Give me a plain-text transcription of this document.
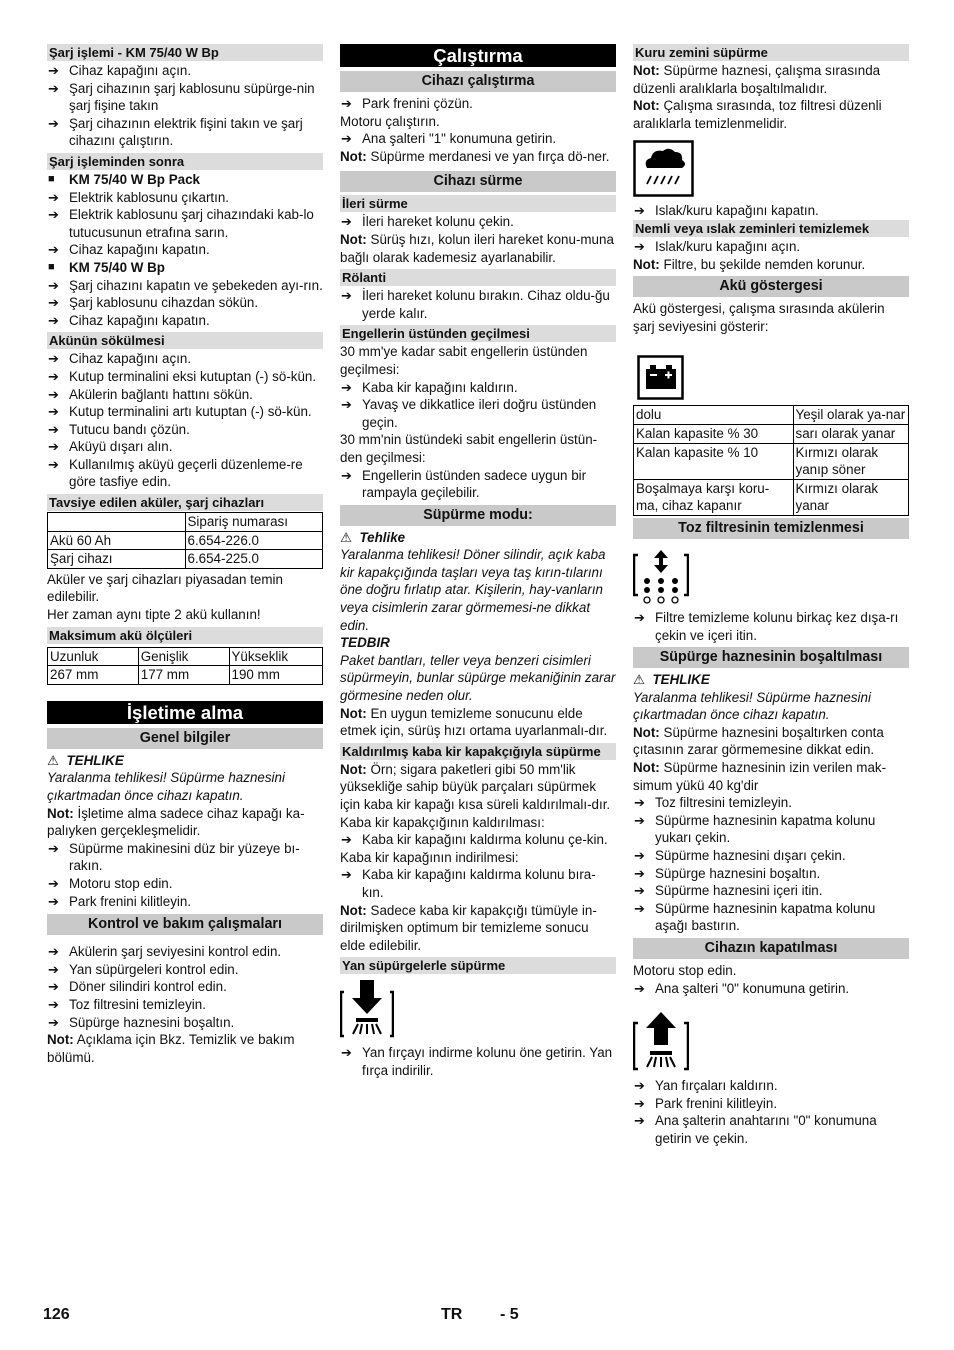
Şarj işlemi - KM 75/40 W Bp
➔ Cihaz kapağını açın.
➔ Şarj cihazının şarj kablosunu süpürge-nin şarj fişine takın
➔ Şarj cihazının elektrik fişini takın ve şarj cihazını çalıştırın.
Şarj işleminden sonra
■ KM 75/40 W Bp Pack
➔ Elektrik kablosunu çıkartın.
➔ Elektrik kablosunu şarj cihazındaki kab-lo tutucusunun etrafına sarın.
➔ Cihaz kapağını kapatın.
■ KM 75/40 W Bp
➔ Şarj cihazını kapatın ve şebekeden ayı-rın.
➔ Şarj kablosunu cihazdan sökün.
➔ Cihaz kapağını kapatın.
Akünün sökülmesi
➔ Cihaz kapağını açın.
➔ Kutup terminalini eksi kutuptan (-) sö-kün.
➔ Akülerin bağlantı hattını sökün.
➔ Kutup terminalini artı kutuptan (-) sö-kün.
➔ Tutucu bandı çözün.
➔ Aküyü dışarı alın.
➔ Kullanılmış aküyü geçerli düzenleme-re göre tasfiye edin.
Tavsiye edilen aküler, şarj cihazları
	Sipariş numarası
Akü 60 Ah	6.654-226.0
Şarj cihazı	6.654-225.0
Aküler ve şarj cihazları piyasadan temin edilebilir.
Her zaman aynı tipte 2 akü kullanın!
Maksimum akü ölçüleri
Uzunluk	Genişlik	Yükseklik
267 mm	177 mm	190 mm
İşletime alma
Genel bilgiler
⚠ TEHLIKE
Yaralanma tehlikesi! Süpürme haznesini çıkartmadan önce cihazı kapatın.
Not: İşletime alma sadece cihaz kapağı ka-palıyken gerçekleşmelidir.
➔ Süpürme makinesini düz bir yüzeye bı-rakın.
➔ Motoru stop edin.
➔ Park frenini kilitleyin.
Kontrol ve bakım çalışmaları
➔ Akülerin şarj seviyesini kontrol edin.
➔ Yan süpürgeleri kontrol edin.
➔ Döner silindiri kontrol edin.
➔ Toz filtresini temizleyin.
➔ Süpürge haznesini boşaltın.
Not: Açıklama için Bkz. Temizlik ve bakım bölümü.
Çalıştırma
Cihazı çalıştırma
➔ Park frenini çözün.
Motoru çalıştırın.
➔ Ana şalteri "1" konumuna getirin.
Not: Süpürme merdanesi ve yan fırça dö-ner.
Cihazı sürme
İleri sürme
➔ İleri hareket kolunu çekin.
Not: Sürüş hızı, kolun ileri hareket konu-muna bağlı olarak kademesiz ayarlanabilir.
Rölanti
➔ İleri hareket kolunu bırakın. Cihaz oldu-ğu yerde kalır.
Engellerin üstünden geçilmesi
30 mm'ye kadar sabit engellerin üstünden geçilmesi:
➔ Kaba kir kapağını kaldırın.
➔ Yavaş ve dikkatlice ileri doğru üstünden geçin.
30 mm'nin üstündeki sabit engellerin üstün-den geçilmesi:
➔ Engellerin üstünden sadece uygun bir rampayla geçilebilir.
Süpürme modu:
⚠ Tehlike
Yaralanma tehlikesi! Döner silindir, açık kaba kir kapakçığında taşları veya taş kırın-tılarını öne doğru fırlatıp atar. Kişilerin, hay-vanların veya cisimlerin zarar görmemesi-ne dikkat edin.
TEDBIR
Paket bantları, teller veya benzeri cisimleri süpürmeyin, bunlar süpürge mekaniğinin zarar görmesine neden olur.
Not: En uygun temizleme sonucunu elde etmek için, sürüş hızı ortama uyarlanmalı-dır.
Kaldırılmış kaba kir kapakçığıyla süpürme
Not: Örn; sigara paketleri gibi 50 mm'lik yüksekliğe sahip büyük parçaları süpürmek için kaba kir kapağı kısa süreli kaldırılmalı-dır.
Kaba kir kapakçığının kaldırılması:
➔ Kaba kir kapağını kaldırma kolunu çe-kin.
Kaba kir kapağının indirilmesi:
➔ Kaba kir kapağını kaldırma kolunu bıra-kın.
Not: Sadece kaba kir kapakçığı tümüyle in-dirilmişken optimum bir temizleme sonucu elde edilebilir.
Yan süpürgelerle süpürme
➔ Yan fırçayı indirme kolunu öne getirin. Yan fırça indirilir.
Kuru zemini süpürme
Not: Süpürme haznesi, çalışma sırasında düzenli aralıklarla boşaltılmalıdır.
Not: Çalışma sırasında, toz filtresi düzenli aralıklarla temizlenmelidir.
➔ Islak/kuru kapağını kapatın.
Nemli veya ıslak zeminleri temizlemek
➔ Islak/kuru kapağını açın.
Not: Filtre, bu şekilde nemden korunur.
Akü göstergesi
Akü göstergesi, çalışma sırasında akülerin şarj seviyesini gösterir:
dolu	Yeşil olarak ya-nar
Kalan kapasite % 30	sarı olarak yanar
Kalan kapasite % 10	Kırmızı olarak yanıp söner
Boşalmaya karşı koru-ma, cihaz kapanır	Kırmızı olarak yanar
Toz filtresinin temizlenmesi
➔ Filtre temizleme kolunu birkaç kez dışa-rı çekin ve içeri itin.
Süpürge haznesinin boşaltılması
⚠ TEHLIKE
Yaralanma tehlikesi! Süpürme haznesini çıkartmadan önce cihazı kapatın.
Not: Süpürme haznesini boşaltırken conta çıtasının zarar görmemesine dikkat edin.
Not: Süpürme haznesinin izin verilen mak-simum yükü 40 kg'dir
➔ Toz filtresini temizleyin.
➔ Süpürme haznesinin kapatma kolunu yukarı çekin.
➔ Süpürme haznesini dışarı çekin.
➔ Süpürge haznesini boşaltın.
➔ Süpürme haznesini içeri itin.
➔ Süpürme haznesinin kapatma kolunu aşağı bastırın.
Cihazın kapatılması
Motoru stop edin.
➔ Ana şalteri "0" konumuna getirin.
➔ Yan fırçaları kaldırın.
➔ Park frenini kilitleyin.
➔ Ana şalterin anahtarını "0" konumuna getirin ve çekin.
126	TR - 5
